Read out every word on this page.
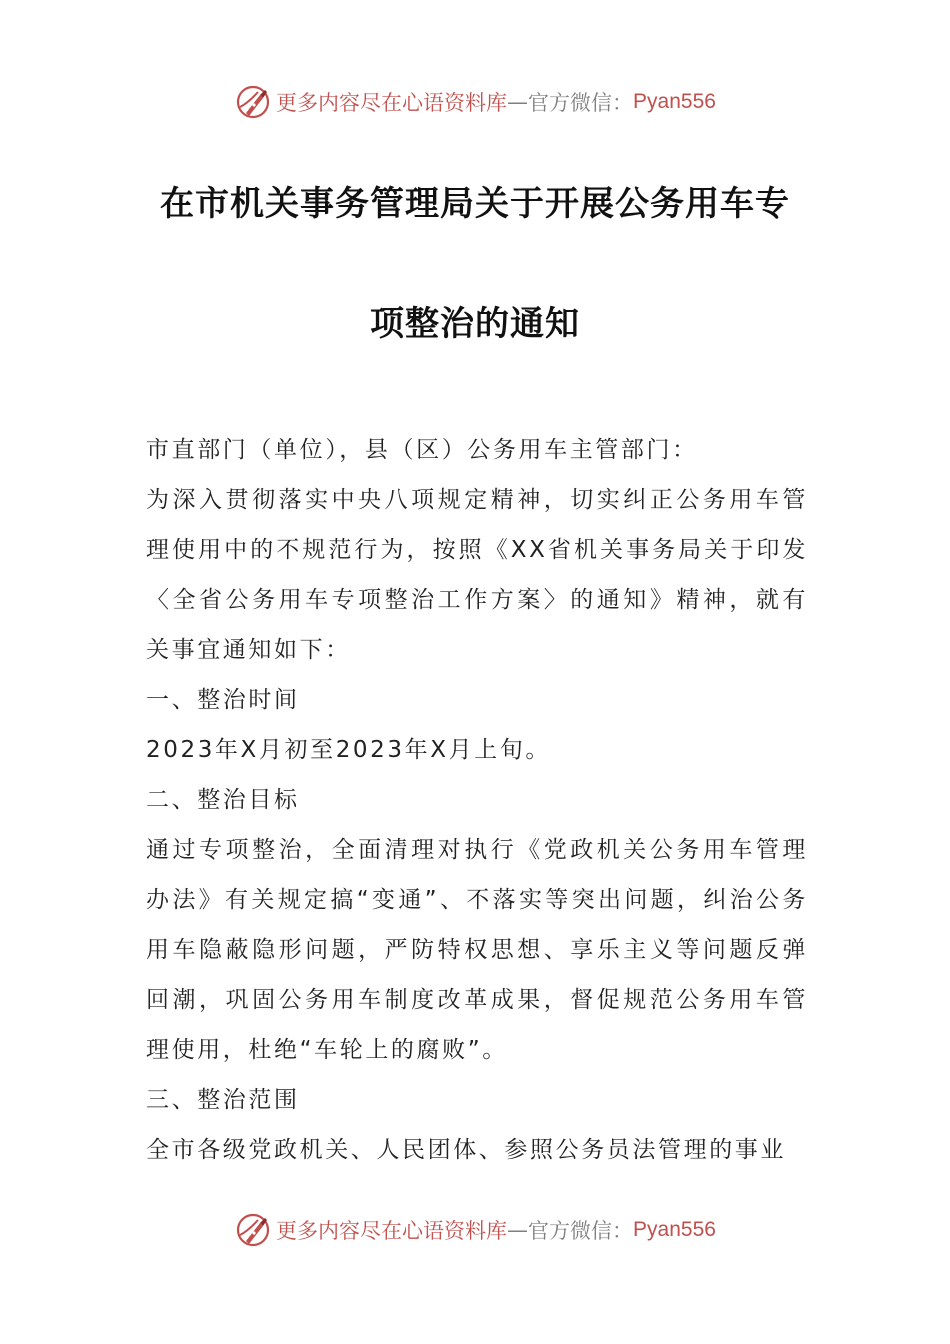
更多内容尽在心语资料库 — 官方微信： Pyan556
在市机关事务管理局关于开展公务用车专
项整治的通知

市直部门（单位），县（区）公务用车主管部门：

为深入贯彻落实中央八项规定精神，切实纠正公务用车管理使用中的不规范行为，按照《XX省机关事务局关于印发〈全省公务用车专项整治工作方案〉的通知》精神，就有关事宜通知如下：

一、整治时间

2023年X月初至2023年X月上旬。

二、整治目标

通过专项整治，全面清理对执行《党政机关公务用车管理办法》有关规定搞“变通”、不落实等突出问题，纠治公务用车隐蔽隐形问题，严防特权思想、享乐主义等问题反弹回潮，巩固公务用车制度改革成果，督促规范公务用车管理使用，杜绝“车轮上的腐败”。

三、整治范围

全市各级党政机关、人民团体、参照公务员法管理的事业

更多内容尽在心语资料库 — 官方微信： Pyan556
